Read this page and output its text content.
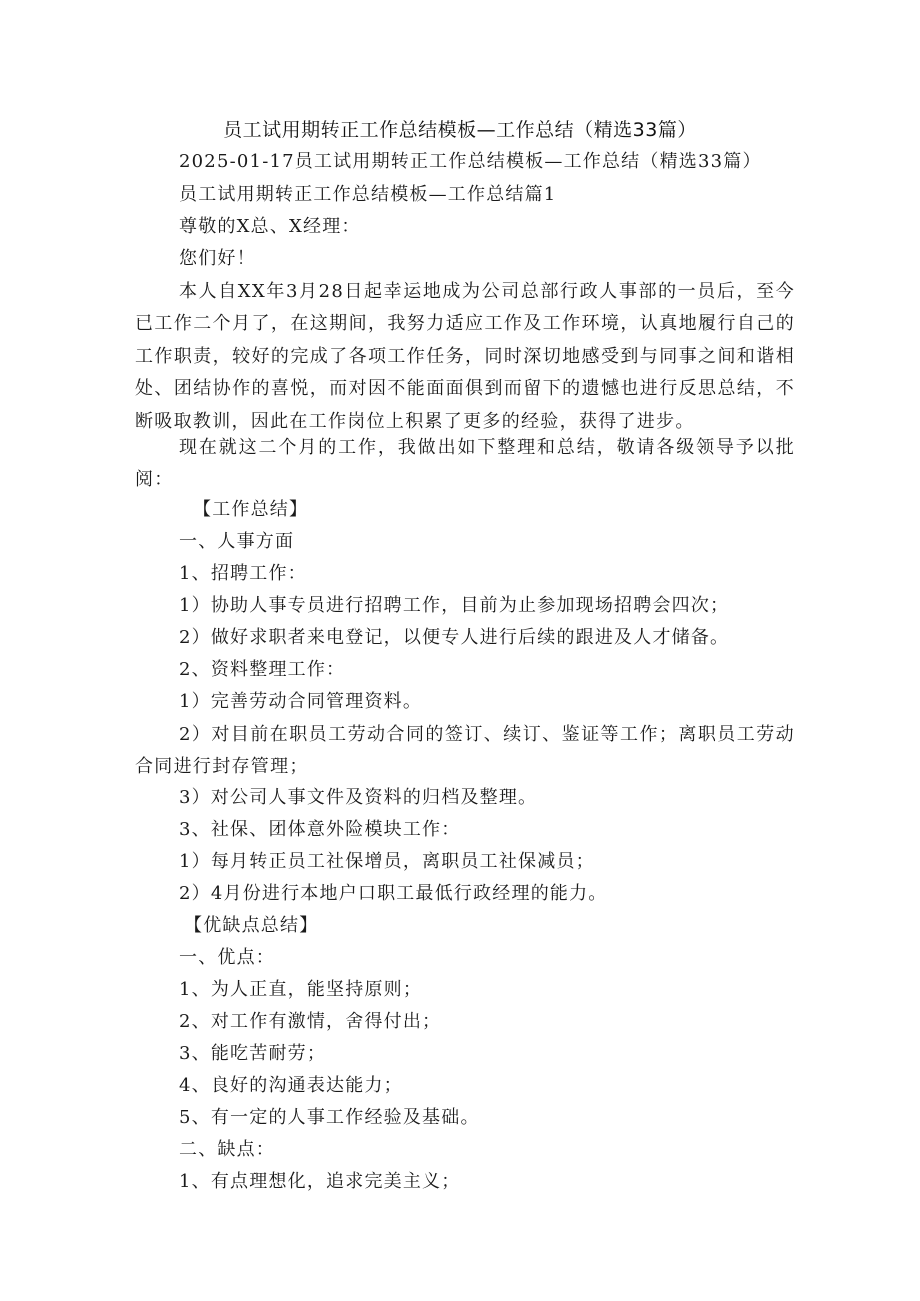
员工试用期转正工作总结模板—工作总结（精选33篇）
2025-01-17员工试用期转正工作总结模板—工作总结（精选33篇）
员工试用期转正工作总结模板—工作总结篇1
尊敬的X总、X经理：
您们好！
本人自XX年3月28日起幸运地成为公司总部行政人事部的一员后，至今已工作二个月了，在这期间，我努力适应工作及工作环境，认真地履行自己的工作职责，较好的完成了各项工作任务，同时深切地感受到与同事之间和谐相处、团结协作的喜悦，而对因不能面面俱到而留下的遗憾也进行反思总结，不断吸取教训，因此在工作岗位上积累了更多的经验，获得了进步。
现在就这二个月的工作，我做出如下整理和总结，敬请各级领导予以批阅：
【工作总结】
一、人事方面
1、招聘工作：
1）协助人事专员进行招聘工作，目前为止参加现场招聘会四次；
2）做好求职者来电登记，以便专人进行后续的跟进及人才储备。
2、资料整理工作：
1）完善劳动合同管理资料。
2）对目前在职员工劳动合同的签订、续订、鉴证等工作；离职员工劳动合同进行封存管理；
3）对公司人事文件及资料的归档及整理。
3、社保、团体意外险模块工作：
1）每月转正员工社保增员，离职员工社保减员；
2）4月份进行本地户口职工最低行政经理的能力。
【优缺点总结】
一、优点：
1、为人正直，能坚持原则；
2、对工作有激情，舍得付出；
3、能吃苦耐劳；
4、良好的沟通表达能力；
5、有一定的人事工作经验及基础。
二、缺点：
1、有点理想化，追求完美主义；
